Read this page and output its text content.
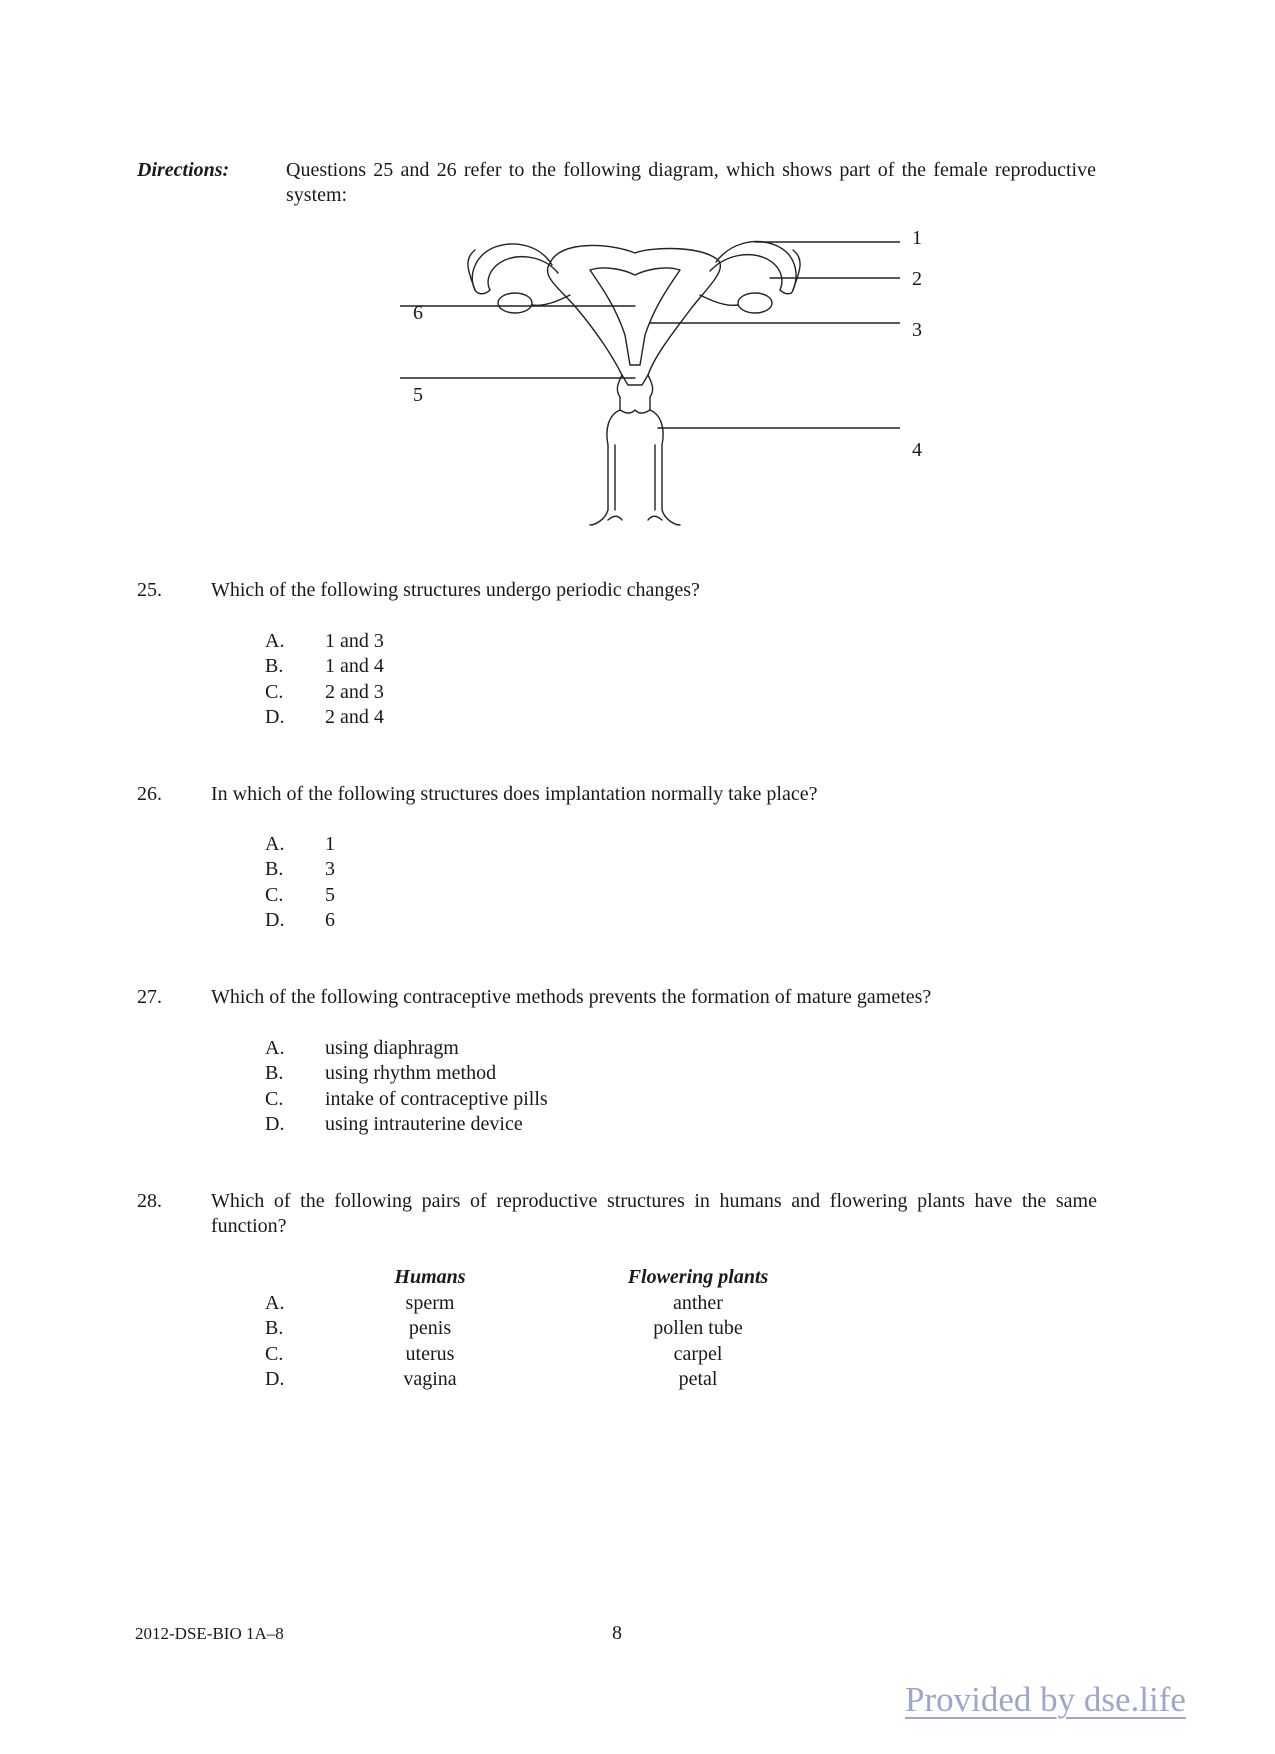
Directions:	Questions 25 and 26 refer to the following diagram, which shows part of the female reproductive system:
1
2
3
4
5
6
25. Which of the following structures undergo periodic changes?
A. 1 and 3
B. 1 and 4
C. 2 and 3
D. 2 and 4
26. In which of the following structures does implantation normally take place?
A. 1
B. 3
C. 5
D. 6
27. Which of the following contraceptive methods prevents the formation of mature gametes?
A. using diaphragm
B. using rhythm method
C. intake of contraceptive pills
D. using intrauterine device
28. Which of the following pairs of reproductive structures in humans and flowering plants have the same function?
Humans	Flowering plants
A.	sperm	anther
B.	penis	pollen tube
C.	uterus	carpel
D.	vagina	petal
2012-DSE-BIO 1A–8	8
Provided by dse.life
